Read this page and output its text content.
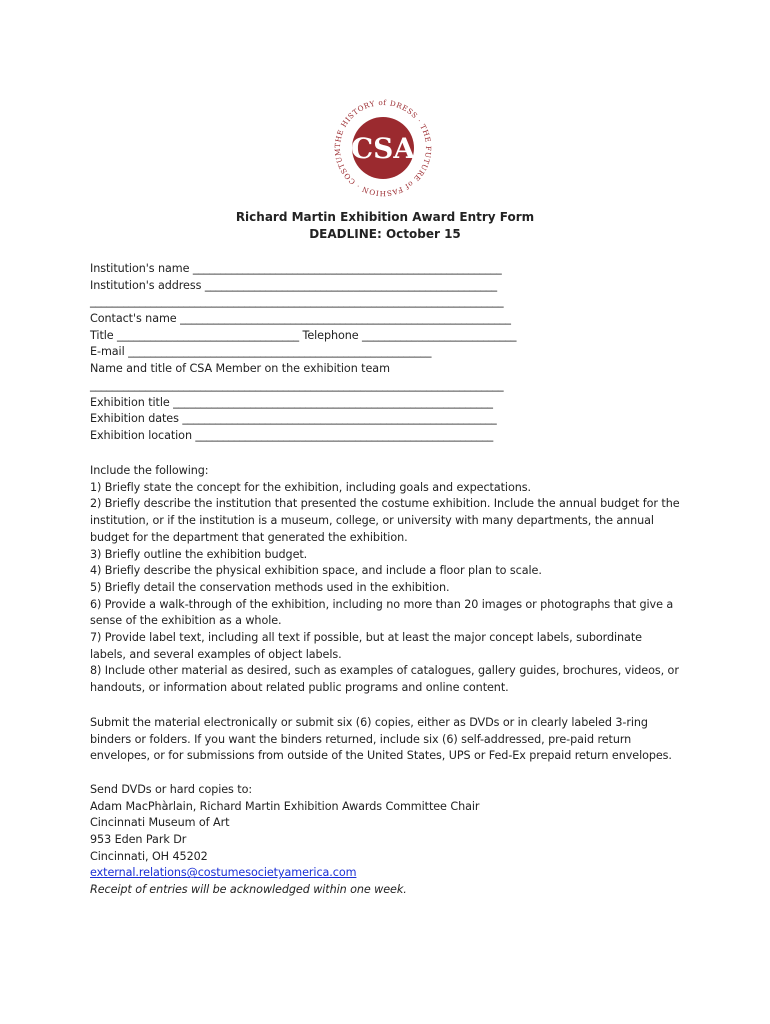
THE HISTORY of DRESS · THE FUTURE of FASHION · COSTUM CSA
Richard Martin Exhibition Award Entry Form
DEADLINE: October 15
Institution's name ________________________________________________________
Institution's address _____________________________________________________
___________________________________________________________________________
Contact's name ____________________________________________________________
Title _________________________________ Telephone ____________________________
E-mail _______________________________________________________
Name and title of CSA Member on the exhibition team
___________________________________________________________________________
Exhibition title __________________________________________________________
Exhibition dates _________________________________________________________
Exhibition location ______________________________________________________
Include the following:
1) Briefly state the concept for the exhibition, including goals and expectations.
2) Briefly describe the institution that presented the costume exhibition. Include the annual budget for the institution, or if the institution is a museum, college, or university with many departments, the annual budget for the department that generated the exhibition.
3) Briefly outline the exhibition budget.
4) Briefly describe the physical exhibition space, and include a floor plan to scale.
5) Briefly detail the conservation methods used in the exhibition.
6) Provide a walk-through of the exhibition, including no more than 20 images or photographs that give a sense of the exhibition as a whole.
7) Provide label text, including all text if possible, but at least the major concept labels, subordinate labels, and several examples of object labels.
8) Include other material as desired, such as examples of catalogues, gallery guides, brochures, videos, or handouts, or information about related public programs and online content.
Submit the material electronically or submit six (6) copies, either as DVDs or in clearly labeled 3-ring
binders or folders. If you want the binders returned, include six (6) self-addressed, pre-paid return
envelopes, or for submissions from outside of the United States, UPS or Fed-Ex prepaid return envelopes.
Send DVDs or hard copies to:
Adam MacPhàrlain, Richard Martin Exhibition Awards Committee Chair
Cincinnati Museum of Art
953 Eden Park Dr
Cincinnati, OH 45202
external.relations@costumesocietyamerica.com
Receipt of entries will be acknowledged within one week.
